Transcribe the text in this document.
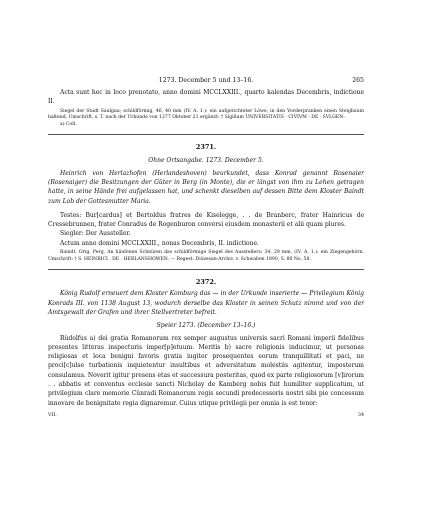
1273. December 5 und 13–16.	265

Acta sunt hec in loco prenotato, anno domini MCCLXXIII., quarto kalendas Decembris, indictione II.

Siegel der Stadt Saulgau; schildförmig, 46, 40 mm (IV. A. 1.): ein aufgerichteter Löwe, in den Vorderpranken einen Steigbaum haltend. Umschrift, s. T. nach der Urkunde von 1277 Oktober 21 ergänzt: † Sigillum UNIVERSITATIS · CIVIVM · DE · SVLGEN·.

a) Coll.

2371.
Ohne Ortsangabe. 1273. December 5.

Heinrich von Herlazhofen (Herlandeshoven) beurkundet, dass Konrad genannt Rosenaier (Rosenaiger) die Besitzungen der Güter in Berg (in Monte), die er längst von ihm zu Lehen getragen hatte, in seine Hände frei aufgelassen hat, und schenkt dieselben auf dessen Bitte dem Kloster Baindt zum Lob der Gottesmutter Maria.

Testes: Bur[cardus] et Bertoldus fratres de Kiselegge, . . de Branberc, frater Hainricus de Cressebrunnen, frater Conradus de Rogenburon conversi eiusdem monasterii et alii quam plures.

Siegler: Der Aussteller.

Actum anno domini MCCLXXIII., nonas Decembris, II. indictione.

Baindt. Orig. Perg. An häufenen Schnüren das schildförmige Siegel des Ausstellers: 34, 29 mm, (IV. A. 1.): ein Ziegengehörn. Umschrift: † S. HEINRICI . DE . HERLANSHOWEN. — Regest: Diözesan-Archiv. v. Schwaben 1890, S. 80 No. 58.

2372.

König Rudolf erneuert dem Kloster Komburg das — in der Urkunde inserierte — Privilegium König Konrads III. von 1138 August 13, wodurch derselbe das Kloster in seinen Schutz nimmt und von der Amtsgewalt der Grafen und ihrer Stellvertreter befreit.

Speier 1273. (December 13–16.)

Rûdolfus a) dei gratia Romanorum rex semper augustus universis sacri Romani imperii fidelibus presentes litteras inspecturis imper[p]etuum. Meritis b) sacre religionis inducimur, ut personas religiosas et loca benigni favoris gratia iugiter prosequentes eorum tranquillitati et paci, ne proci[c]ulse turbationis inquietentur insultibus et adversitatum molestiis agitentur, imposterum consulamus. Noverit igitur presens etas et successura posteritas, quod ex parte religiosorum [v]irorum . . abbatis et conventus ecclesie sancti Nicholay de Kamberg nobis fuit humiliter supplicatum, ut privilegium clare memorie Cûnradi Romanorum regis secundi predecessoris nostri sibi pie concessum innovare de benignitate regia dignaremur. Cuius utique privilegii per omnia is est tenor:

VII.	34
